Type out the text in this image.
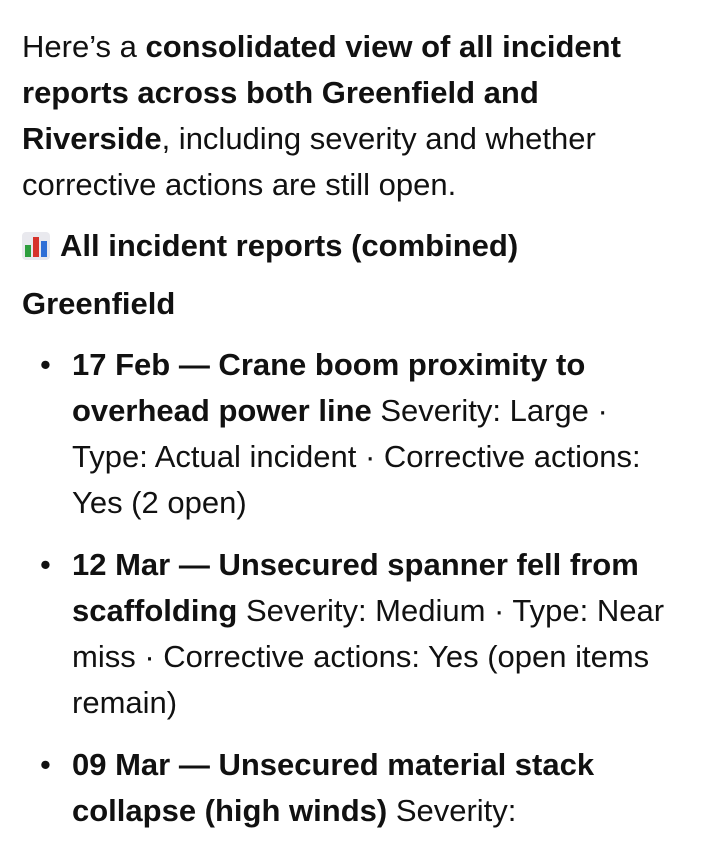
Here’s a consolidated view of all incident reports across both Greenfield and Riverside, including severity and whether corrective actions are still open.

All incident reports (combined)
Greenfield
• 17 Feb — Crane boom proximity to overhead power line Severity: Large · Type: Actual incident · Corrective actions: Yes (2 open)
• 12 Mar — Unsecured spanner fell from scaffolding Severity: Medium · Type: Near miss · Corrective actions: Yes (open items remain)
• 09 Mar — Unsecured material stack collapse (high winds) Severity:
